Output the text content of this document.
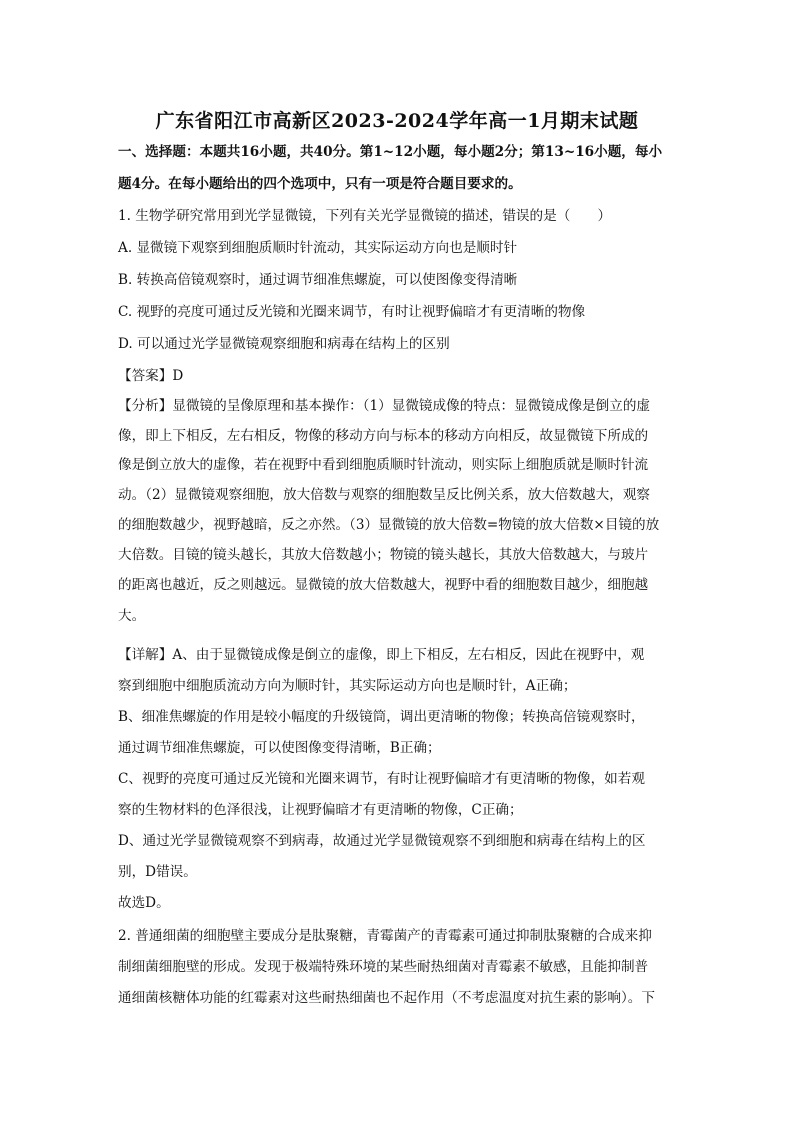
广东省阳江市高新区2023-2024学年高一1月期末试题
一、选择题：本题共16小题，共40分。第1~12小题，每小题2分；第13~16小题，每小
题4分。在每小题给出的四个选项中，只有一项是符合题目要求的。
1. 生物学研究常用到光学显微镜，下列有关光学显微镜的描述，错误的是（　　）
A. 显微镜下观察到细胞质顺时针流动，其实际运动方向也是顺时针
B. 转换高倍镜观察时，通过调节细准焦螺旋，可以使图像变得清晰
C. 视野的亮度可通过反光镜和光圈来调节，有时让视野偏暗才有更清晰的物像
D. 可以通过光学显微镜观察细胞和病毒在结构上的区别
【答案】D
【分析】显微镜的呈像原理和基本操作：（1）显微镜成像的特点：显微镜成像是倒立的虚
像，即上下相反，左右相反，物像的移动方向与标本的移动方向相反，故显微镜下所成的
像是倒立放大的虚像，若在视野中看到细胞质顺时针流动，则实际上细胞质就是顺时针流
动。（2）显微镜观察细胞，放大倍数与观察的细胞数呈反比例关系，放大倍数越大，观察
的细胞数越少，视野越暗，反之亦然。（3）显微镜的放大倍数=物镜的放大倍数×目镜的放
大倍数。目镜的镜头越长，其放大倍数越小；物镜的镜头越长，其放大倍数越大，与玻片
的距离也越近，反之则越远。显微镜的放大倍数越大，视野中看的细胞数目越少，细胞越
大。
【详解】A、由于显微镜成像是倒立的虚像，即上下相反，左右相反，因此在视野中，观
察到细胞中细胞质流动方向为顺时针，其实际运动方向也是顺时针，A正确；
B、细准焦螺旋的作用是较小幅度的升级镜筒，调出更清晰的物像；转换高倍镜观察时，
通过调节细准焦螺旋，可以使图像变得清晰，B正确；
C、视野的亮度可通过反光镜和光圈来调节，有时让视野偏暗才有更清晰的物像，如若观
察的生物材料的色泽很浅，让视野偏暗才有更清晰的物像，C正确；
D、通过光学显微镜观察不到病毒，故通过光学显微镜观察不到细胞和病毒在结构上的区
别，D错误。
故选D。
2. 普通细菌的细胞壁主要成分是肽聚糖，青霉菌产的青霉素可通过抑制肽聚糖的合成来抑
制细菌细胞壁的形成。发现于极端特殊环境的某些耐热细菌对青霉素不敏感，且能抑制普
通细菌核糖体功能的红霉素对这些耐热细菌也不起作用（不考虑温度对抗生素的影响）。下
